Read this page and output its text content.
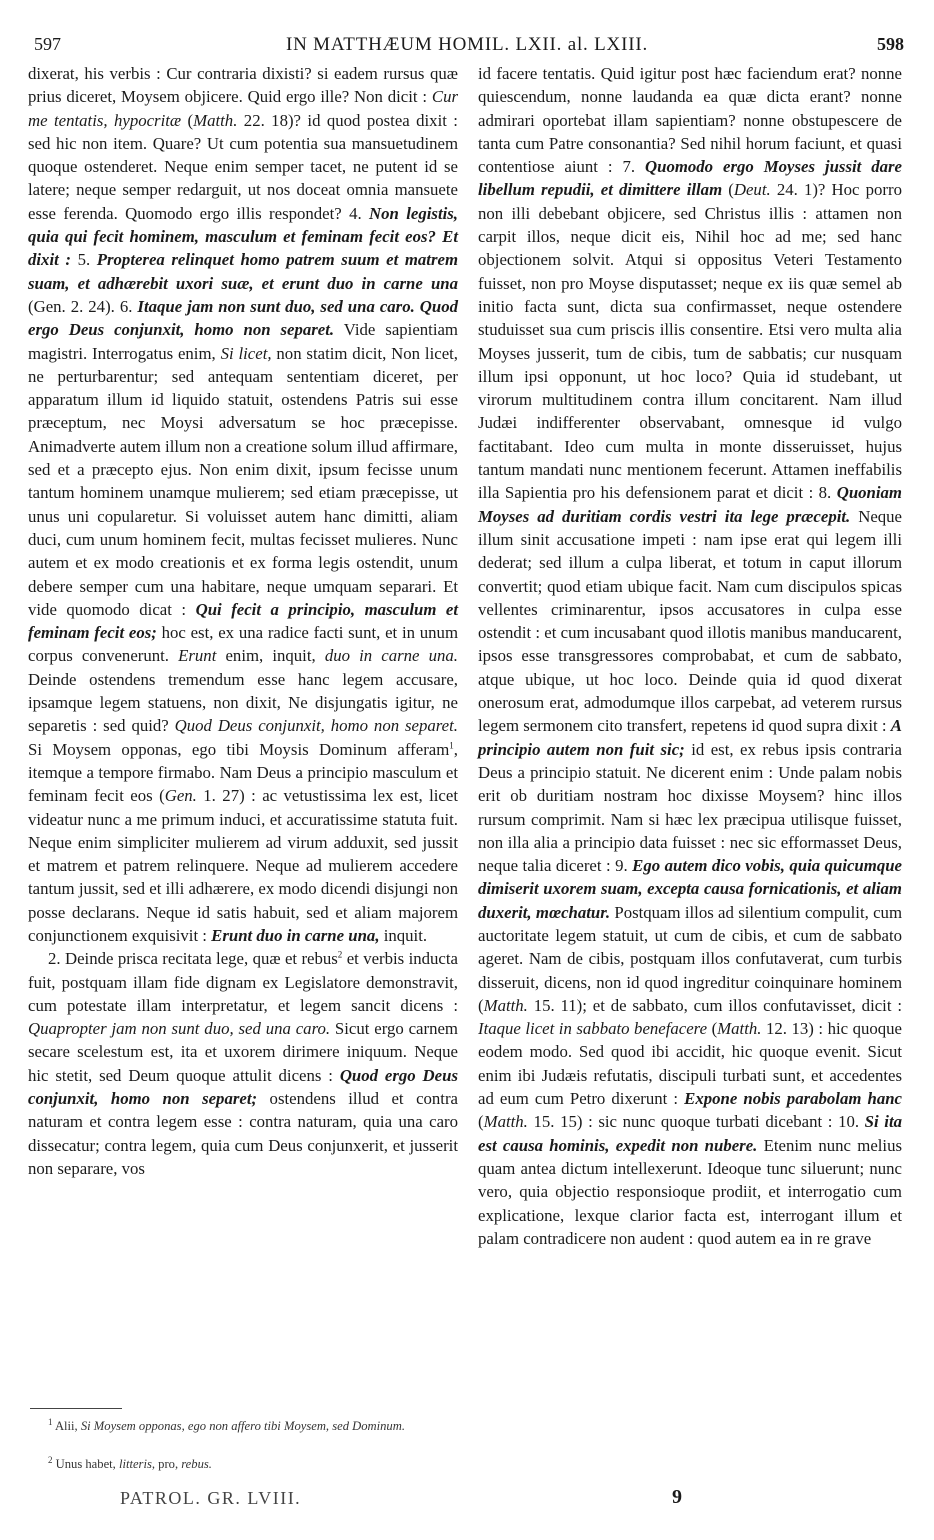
597	IN MATTHÆUM HOMIL. LXII. al. LXIII.	598

dixerat, his verbis : Cur contraria dixisti? si eadem rursus quæ prius diceret, Moysem objicere. Quid ergo ille? Non dicit : Cur me tentatis, hypocritæ (Matth. 22. 18)? id quod postea dixit : sed hic non item. Quare? Ut cum potentia sua mansuetudinem quoque ostenderet. Neque enim semper tacet, ne putent id se latere; neque semper redarguit, ut nos doceat omnia mansuete esse ferenda. Quomodo ergo illis respondet? 4. Non legistis, quia qui fecit hominem, masculum et feminam fecit eos? Et dixit : 5. Propterea relinquet homo patrem suum et matrem suam, et adhærebit uxori suæ, et erunt duo in carne una (Gen. 2. 24). 6. Itaque jam non sunt duo, sed una caro. Quod ergo Deus conjunxit, homo non separet. Vide sapientiam magistri. Interrogatus enim, Si licet, non statim dicit, Non licet, ne perturbarentur; sed antequam sententiam diceret, per apparatum illum id liquido statuit, ostendens Patris sui esse præceptum, nec Moysi adversatum se hoc præcepisse. Animadverte autem illum non a creatione solum illud affirmare, sed et a præcepto ejus. Non enim dixit, ipsum fecisse unum tantum hominem unamque mulierem; sed etiam præcepisse, ut unus uni copularetur. Si voluisset autem hanc dimitti, aliam duci, cum unum hominem fecit, multas fecisset mulieres. Nunc autem et ex modo creationis et ex forma legis ostendit, unum debere semper cum una habitare, neque umquam separari. Et vide quomodo dicat : Qui fecit a principio, masculum et feminam fecit eos; hoc est, ex una radice facti sunt, et in unum corpus convenerunt. Erunt enim, inquit, duo in carne una. Deinde ostendens tremendum esse hanc legem accusare, ipsamque legem statuens, non dixit, Ne disjungatis igitur, ne separetis : sed quid? Quod Deus conjunxit, homo non separet. Si Moysem opponas, ego tibi Moysis Dominum afferam$^1$, itemque a tempore firmabo. Nam Deus a principio masculum et feminam fecit eos (Gen. 1. 27) : ac vetustissima lex est, licet videatur nunc a me primum induci, et accuratissime statuta fuit. Neque enim simpliciter mulierem ad virum adduxit, sed jussit et matrem et patrem relinquere. Neque ad mulierem accedere tantum jussit, sed et illi adhærere, ex modo dicendi disjungi non posse declarans. Neque id satis habuit, sed et aliam majorem conjunctionem exquisivit : Erunt duo in carne una, inquit.

2. Deinde prisca recitata lege, quæ et rebus$^2$ et verbis inducta fuit, postquam illam fide dignam ex Legislatore demonstravit, cum potestate illam interpretatur, et legem sancit dicens : Quapropter jam non sunt duo, sed una caro. Sicut ergo carnem secare scelestum est, ita et uxorem dirimere iniquum. Neque hic stetit, sed Deum quoque attulit dicens : Quod ergo Deus conjunxit, homo non separet; ostendens illud et contra naturam et contra legem esse : contra naturam, quia una caro dissecatur; contra legem, quia cum Deus conjunxerit, et jusserit non separare, vos

id facere tentatis. Quid igitur post hæc faciendum erat? nonne quiescendum, nonne laudanda ea quæ dicta erant? nonne admirari oportebat illam sapientiam? nonne obstupescere de tanta cum Patre consonantia? Sed nihil horum faciunt, et quasi contentiose aiunt : 7. Quomodo ergo Moyses jussit dare libellum repudii, et dimittere illam (Deut. 24. 1)? Hoc porro non illi debebant objicere, sed Christus illis : attamen non carpit illos, neque dicit eis, Nihil hoc ad me; sed hanc objectionem solvit. Atqui si oppositus Veteri Testamento fuisset, non pro Moyse disputasset; neque ex iis quæ semel ab initio facta sunt, dicta sua confirmasset, neque ostendere studuisset sua cum priscis illis consentire. Etsi vero multa alia Moyses jusserit, tum de cibis, tum de sabbatis; cur nusquam illum ipsi opponunt, ut hoc loco? Quia id studebant, ut virorum multitudinem contra illum concitarent. Nam illud Judæi indifferenter observabant, omnesque id vulgo factitabant. Ideo cum multa in monte disseruisset, hujus tantum mandati nunc mentionem fecerunt. Attamen ineffabilis illa Sapientia pro his defensionem parat et dicit : 8. Quoniam Moyses ad duritiam cordis vestri ita lege præcepit. Neque illum sinit accusatione impeti : nam ipse erat qui legem illi dederat; sed illum a culpa liberat, et totum in caput illorum convertit; quod etiam ubique facit. Nam cum discipulos spicas vellentes criminarentur, ipsos accusatores in culpa esse ostendit : et cum incusabant quod illotis manibus manducarent, ipsos esse transgressores comprobabat, et cum de sabbato, atque ubique, ut hoc loco. Deinde quia id quod dixerat onerosum erat, admodumque illos carpebat, ad veterem rursus legem sermonem cito transfert, repetens id quod supra dixit : A principio autem non fuit sic; id est, ex rebus ipsis contraria Deus a principio statuit. Ne dicerent enim : Unde palam nobis erit ob duritiam nostram hoc dixisse Moysem? hinc illos rursum comprimit. Nam si hæc lex præcipua utilisque fuisset, non illa alia a principio data fuisset : nec sic efformasset Deus, neque talia diceret : 9. Ego autem dico vobis, quia quicumque dimiserit uxorem suam, excepta causa fornicationis, et aliam duxerit, mœchatur. Postquam illos ad silentium compulit, cum auctoritate legem statuit, ut cum de cibis, et cum de sabbato ageret. Nam de cibis, postquam illos confutaverat, cum turbis disseruit, dicens, non id quod ingreditur coinquinare hominem (Matth. 15. 11); et de sabbato, cum illos confutavisset, dicit : Itaque licet in sabbato benefacere (Matth. 12. 13) : hic quoque eodem modo. Sed quod ibi accidit, hic quoque evenit. Sicut enim ibi Judæis refutatis, discipuli turbati sunt, et accedentes ad eum cum Petro dixerunt : Expone nobis parabolam hanc (Matth. 15. 15) : sic nunc quoque turbati dicebant : 10. Si ita est causa hominis, expedit non nubere. Etenim nunc melius quam antea dictum intellexerunt. Ideoque tunc siluerunt; nunc vero, quia objectio responsioque prodiit, et interrogatio cum explicatione, lexque clarior facta est, interrogant illum et palam contradicere non audent : quod autem ea in re grave

$^1$ Alii, Si Moysem opponas, ego non affero tibi Moysem, sed Dominum.
$^2$ Unus habet, litteris, pro, rebus.
PATROL. GR. LVIII.	9
